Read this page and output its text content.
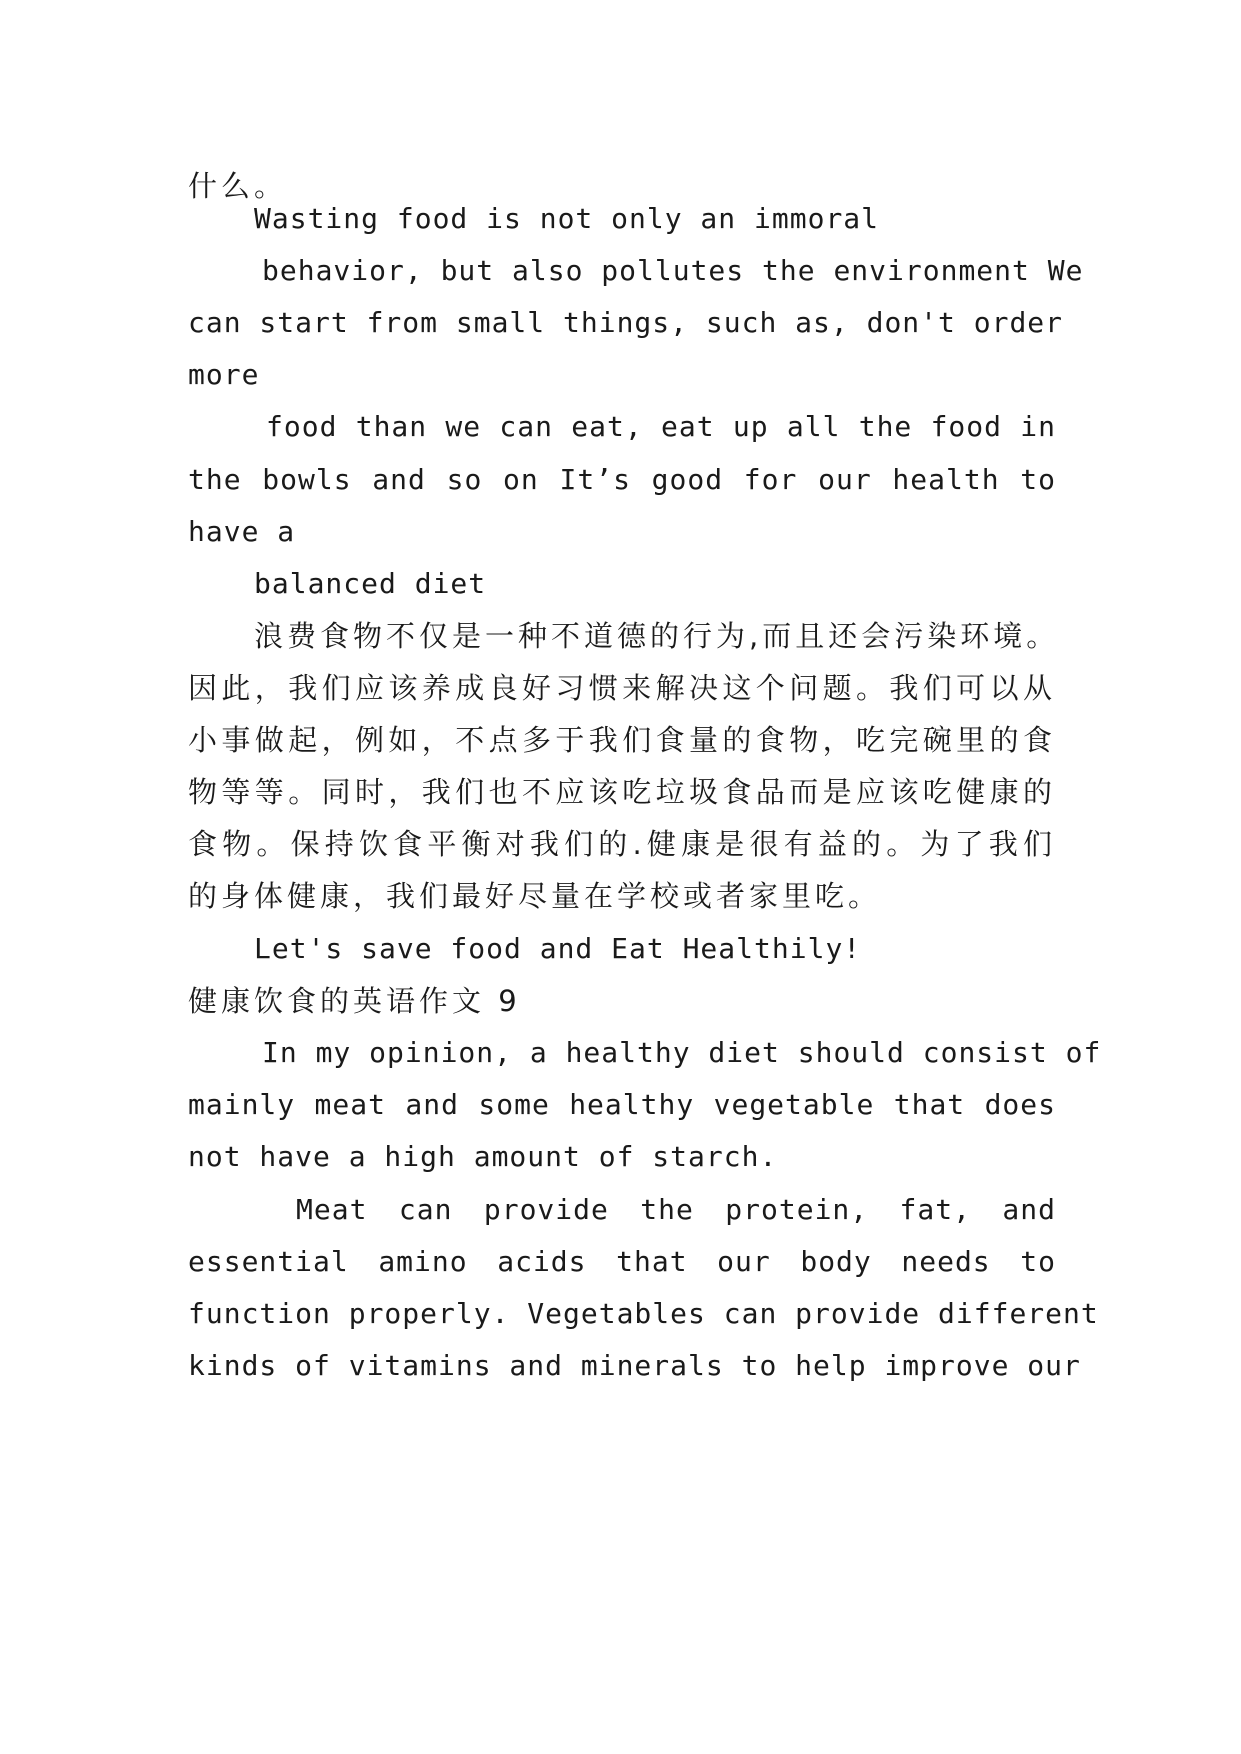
什么。
Wasting food is not only an immoral
behavior, but also pollutes the environment We
can start from small things, such as, don't order
more
food than we can eat, eat up all the food in
the bowls and so on It’s good for our health to
have a
balanced diet
浪费食物不仅是一种不道德的行为,而且还会污染环境。
因此，我们应该养成良好习惯来解决这个问题。我们可以从
小事做起，例如，不点多于我们食量的食物，吃完碗里的食
物等等。同时，我们也不应该吃垃圾食品而是应该吃健康的
食物。保持饮食平衡对我们的.健康是很有益的。为了我们
的身体健康，我们最好尽量在学校或者家里吃。
Let's save food and Eat Healthily!
健康饮食的英语作文 9
In my opinion, a healthy diet should consist of
mainly meat and some healthy vegetable that does
not have a high amount of starch.
Meat can provide the protein, fat, and
essential amino acids that our body needs to
function properly. Vegetables can provide different
kinds of vitamins and minerals to help improve our
